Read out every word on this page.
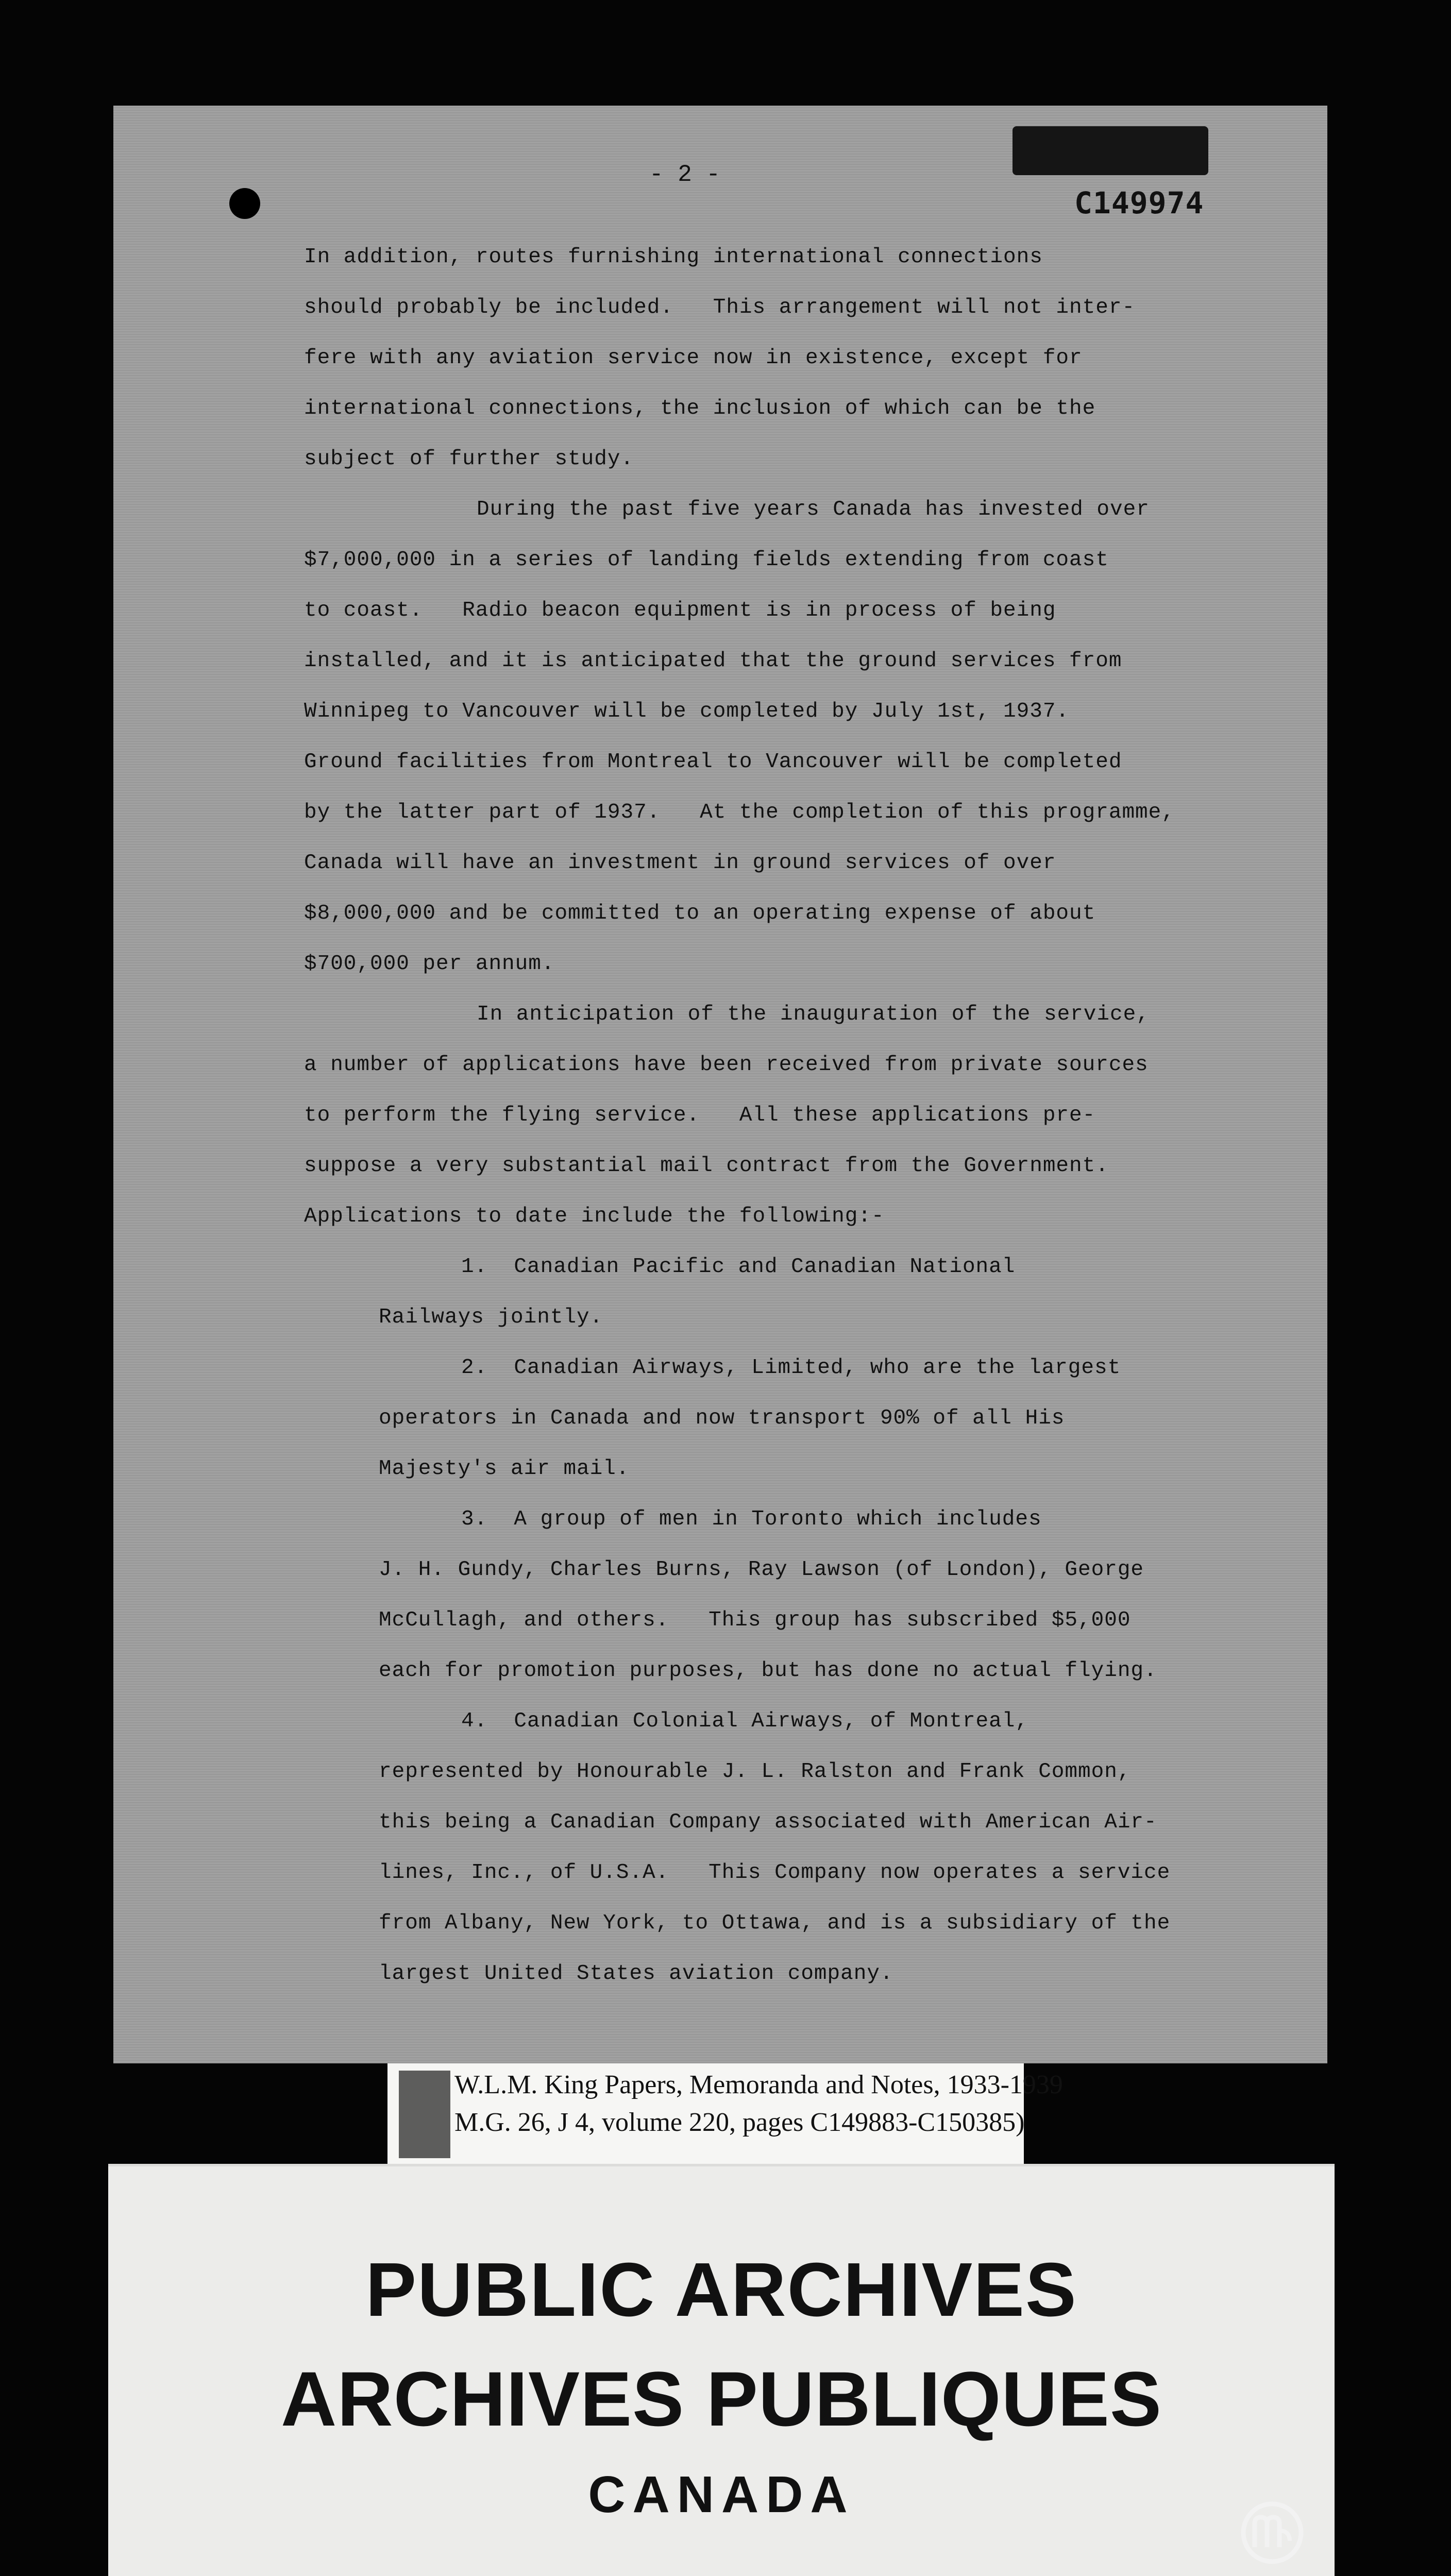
- 2 -
C149974
In addition, routes furnishing international connections
should probably be included.   This arrangement will not inter-
fere with any aviation service now in existence, except for
international connections, the inclusion of which can be the
subject of further study.
During the past five years Canada has invested over
$7,000,000 in a series of landing fields extending from coast
to coast.   Radio beacon equipment is in process of being
installed, and it is anticipated that the ground services from
Winnipeg to Vancouver will be completed by July 1st, 1937.
Ground facilities from Montreal to Vancouver will be completed
by the latter part of 1937.   At the completion of this programme,
Canada will have an investment in ground services of over
$8,000,000 and be committed to an operating expense of about
$700,000 per annum.
In anticipation of the inauguration of the service,
a number of applications have been received from private sources
to perform the flying service.   All these applications pre-
suppose a very substantial mail contract from the Government.
Applications to date include the following:-
1.  Canadian Pacific and Canadian National
Railways jointly.
2.  Canadian Airways, Limited, who are the largest
operators in Canada and now transport 90% of all His
Majesty's air mail.
3.  A group of men in Toronto which includes
J. H. Gundy, Charles Burns, Ray Lawson (of London), George
McCullagh, and others.   This group has subscribed $5,000
each for promotion purposes, but has done no actual flying.
4.  Canadian Colonial Airways, of Montreal,
represented by Honourable J. L. Ralston and Frank Common,
this being a Canadian Company associated with American Air-
lines, Inc., of U.S.A.   This Company now operates a service
from Albany, New York, to Ottawa, and is a subsidiary of the
largest United States aviation company.
W.L.M. King Papers, Memoranda and Notes, 1933-1939
M.G. 26, J 4, volume 220, pages C149883-C150385)
PUBLIC ARCHIVES
ARCHIVES PUBLIQUES
CANADA
